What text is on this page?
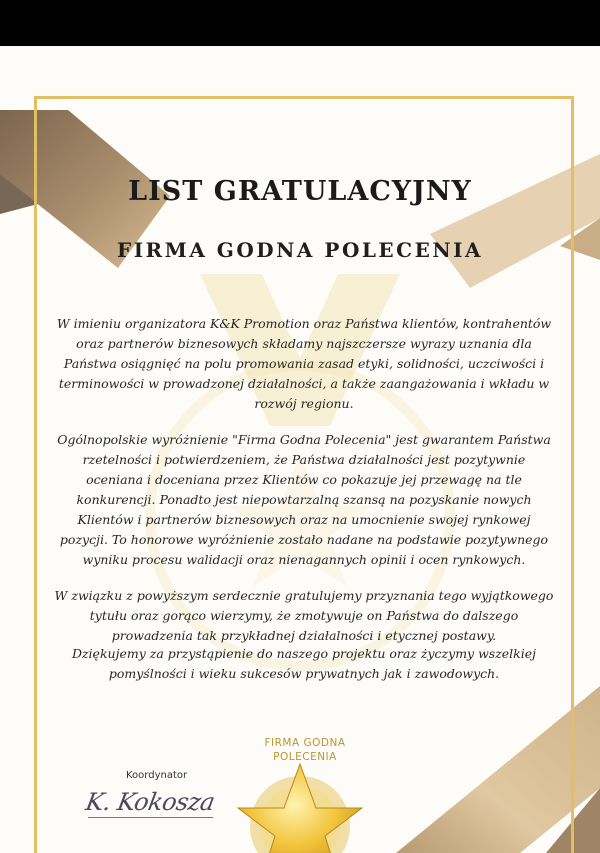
LIST GRATULACYJNY
FIRMA GODNA POLECENIA

W imieniu organizatora K&K Promotion oraz Państwa klientów, kontrahentów oraz partnerów biznesowych składamy najszczersze wyrazy uznania dla Państwa osiągnięć na polu promowania zasad etyki, solidności, uczciwości i terminowości w prowadzonej działalności, a także zaangażowania i wkładu w rozwój regionu.

Ogólnopolskie wyróżnienie "Firma Godna Polecenia" jest gwarantem Państwa rzetelności i potwierdzeniem, że Państwa działalności jest pozytywnie oceniana i doceniana przez Klientów co pokazuje jej przewagę na tle konkurencji. Ponadto jest niepowtarzalną szansą na pozyskanie nowych Klientów i partnerów biznesowych oraz na umocnienie swojej rynkowej pozycji. To honorowe wyróżnienie zostało nadane na podstawie pozytywnego wyniku procesu walidacji oraz nienagannych opinii i ocen rynkowych.

W związku z powyższym serdecznie gratulujemy przyznania tego wyjątkowego tytułu oraz gorąco wierzymy, że zmotywuje on Państwa do dalszego prowadzenia tak przykładnej działalności i etycznej postawy.

Dziękujemy za przystąpienie do naszego projektu oraz życzymy wszelkiej pomyślności i wieku sukcesów prywatnych jak i zawodowych.

FIRMA GODNA
POLECENIA
Koordynator
K. Kokosza
